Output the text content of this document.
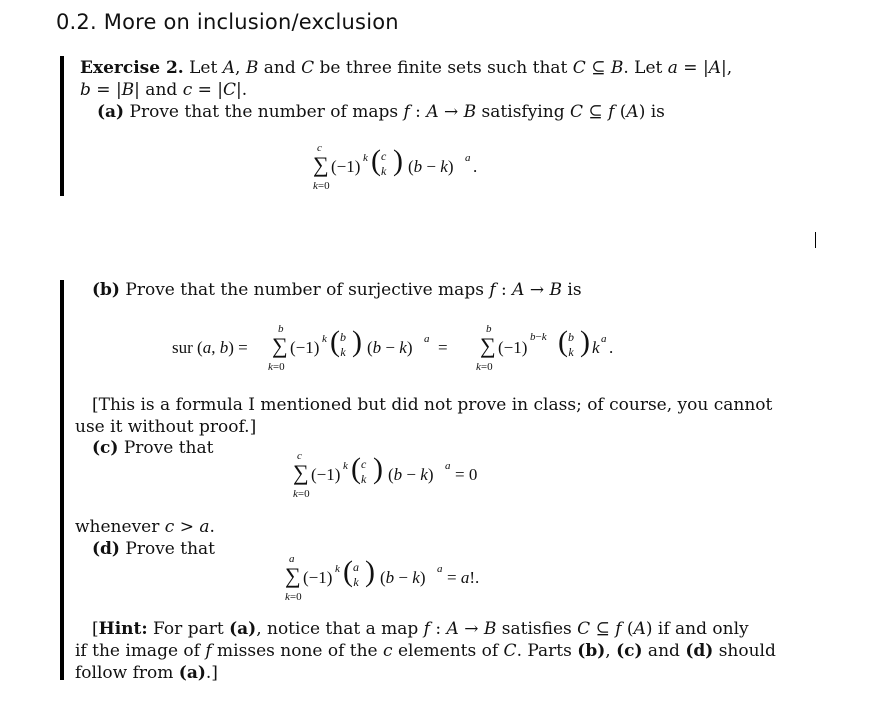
0.2. More on inclusion/exclusion
Exercise 2. Let A, B and C be three finite sets such that C ⊆ B. Let a = |A|,
b = |B| and c = |C|.
(a) Prove that the number of maps f : A → B satisfying C ⊆ f (A) is
c
∑
k=0
(−1) k ( c
k ) (b − k) a .
(b) Prove that the number of surjective maps f : A → B is
sur (a, b) =
b
∑
k=0
(−1) k ( b
k ) (b − k) a =
b
∑
k=0
(−1)
b−k ( b
k ) k a .
[This is a formula I mentioned but did not prove in class; of course, you cannot
use it without proof.]
(c) Prove that	c
∑
k=0
(−1) k ( c
k ) (b − k) a = 0
whenever c > a.
(d) Prove that	a
∑
k=0
(−1) k ( a
k ) (b − k) a = a!.
[Hint: For part (a), notice that a map f : A → B satisfies C ⊆ f (A) if and only
if the image of f misses none of the c elements of C. Parts (b), (c) and (d) should
follow from (a).]
